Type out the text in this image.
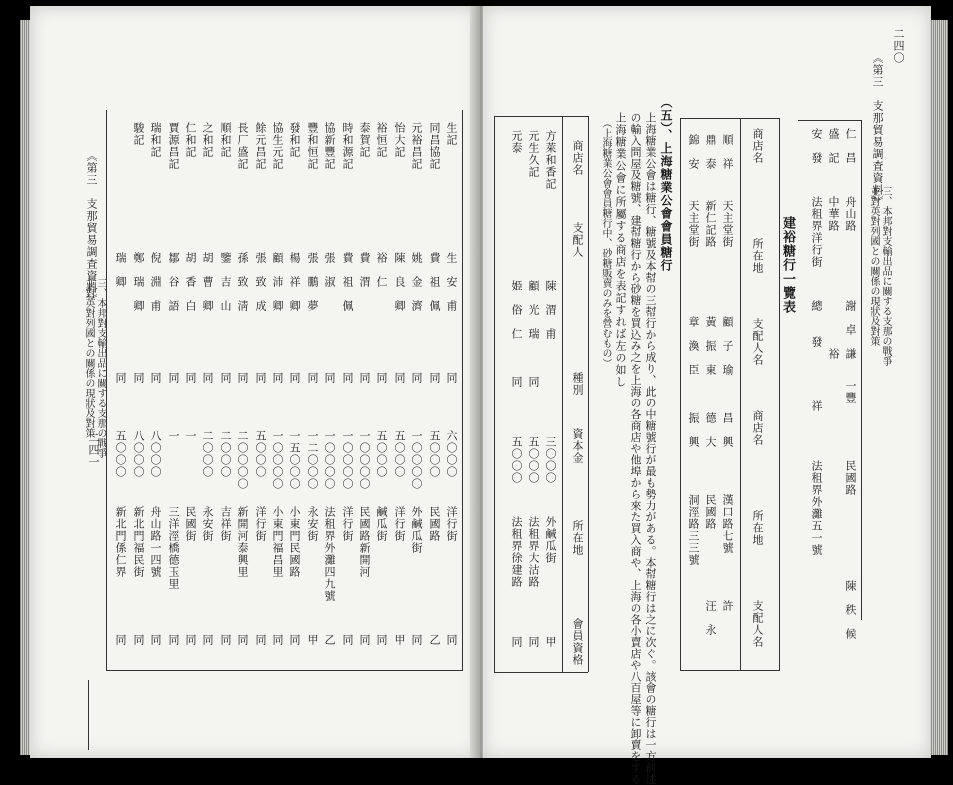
二四〇
《第三　支那貿易調査資料》
三、本邦對支輸出品に關する支那の戰爭
並對英對列國との關係の現狀及對策
仁　昌
舟山路
謝　卓　謙
一豐
民國路
陳　秩　候
盛　記
中華路
　　　　裕
安　發
法租界洋行街
總　　發
祥
法租界外灘五一號
建裕糖行一覽表
商店名
所在地
支配人名
商店名
所在地
支配人名
順　祥
天主堂街
顧　子　瑜
昌　興
漢口路七號
許
鼎　泰
新仁記路
黃　振　東
德　大
民國路
汪　永
錦　安
天主堂街
章　渙　臣
振　興
洞涇路三三號
（五）、上海糖業公會會員糖行
上海糖業公會は糖行、糖號及本幇の三幇行から成り、此の中糖號行が最も勢力がある。本幇糖行は之に次ぐ。該會の糖行は一方前述
の輸入問屋及糖號、建幇糖行から砂糖を買込み之を上海の各商店や他埠から來た買入商や、上海の各小賣店や八百屋等に卸賣をする
上海糖業公會に所屬する商店を表記すれば左の如し
（上海糖業公會會員糖行中、砂糖販賣のみを營むもの）
商店名
支配人
種別
資本金
所在地
會員資格
方萊和香記
陳　渭　甫
三〇〇〇
外鹹瓜街
甲
元生久記
顧　光　瑞
同
五〇〇〇
法租界大沽路
同
元泰
姫　俗　仁
同
五〇〇〇
法租界徐建路
同
二四一
《第三　支那貿易調査資料》
三、本邦對支輸出品に關する支那の戰爭
並對英對列國との關係の現狀及對策
生記
生　安　甫
同
六〇〇〇
洋行街
同
同昌協記
費　祖　佩
同
五〇〇〇
民國路
乙
元裕昌記
姚　金　濟
同
一〇〇〇〇
外鹹瓜街
同
怡大記
陳　良　卿
同
五〇〇〇
洋行街
甲
裕恒記
裕　仁
同
五〇〇〇
鹹瓜街
同
泰賀記
費　渭
同
一〇〇〇〇
民國路新開河
同
時和源記
費　祖　佩
同
一〇〇〇〇
洋行街
同
協新豐記
張　淑
同
一〇〇〇〇
法租界外灘四九號
乙
豐和恒記
張　鵬　夢
同
一二〇〇〇
永安街
甲
發和記
楊　祥　卿
同
一五〇〇〇
小東門民國路
同
協生元記
顧　沛　卿
同
一〇〇〇〇
小東門福昌里
同
餘元昌記
張　致　成
同
五〇〇〇
洋行街
同
長厂盛記
孫　致　淸
同
二〇〇〇〇
新開河泰興里
同
順和記
鑒　吉　山
同
二〇〇〇
吉祥街
同
之和記
胡　曹　卿
同
二〇〇〇
永安街
同
仁和記
胡　香　白
同
一
民國街
同
賈源昌記
鄒　谷　語
同
一
三洋涇橋德玉里
同
瑞和記
倪　淵　甫
同
八〇〇〇
舟山路一四號
同
駿記
鄭　瑞　卿
同
八〇〇〇
新北門福民街
同
瑞　卿
同
五〇〇〇
新北門係仁界
同
